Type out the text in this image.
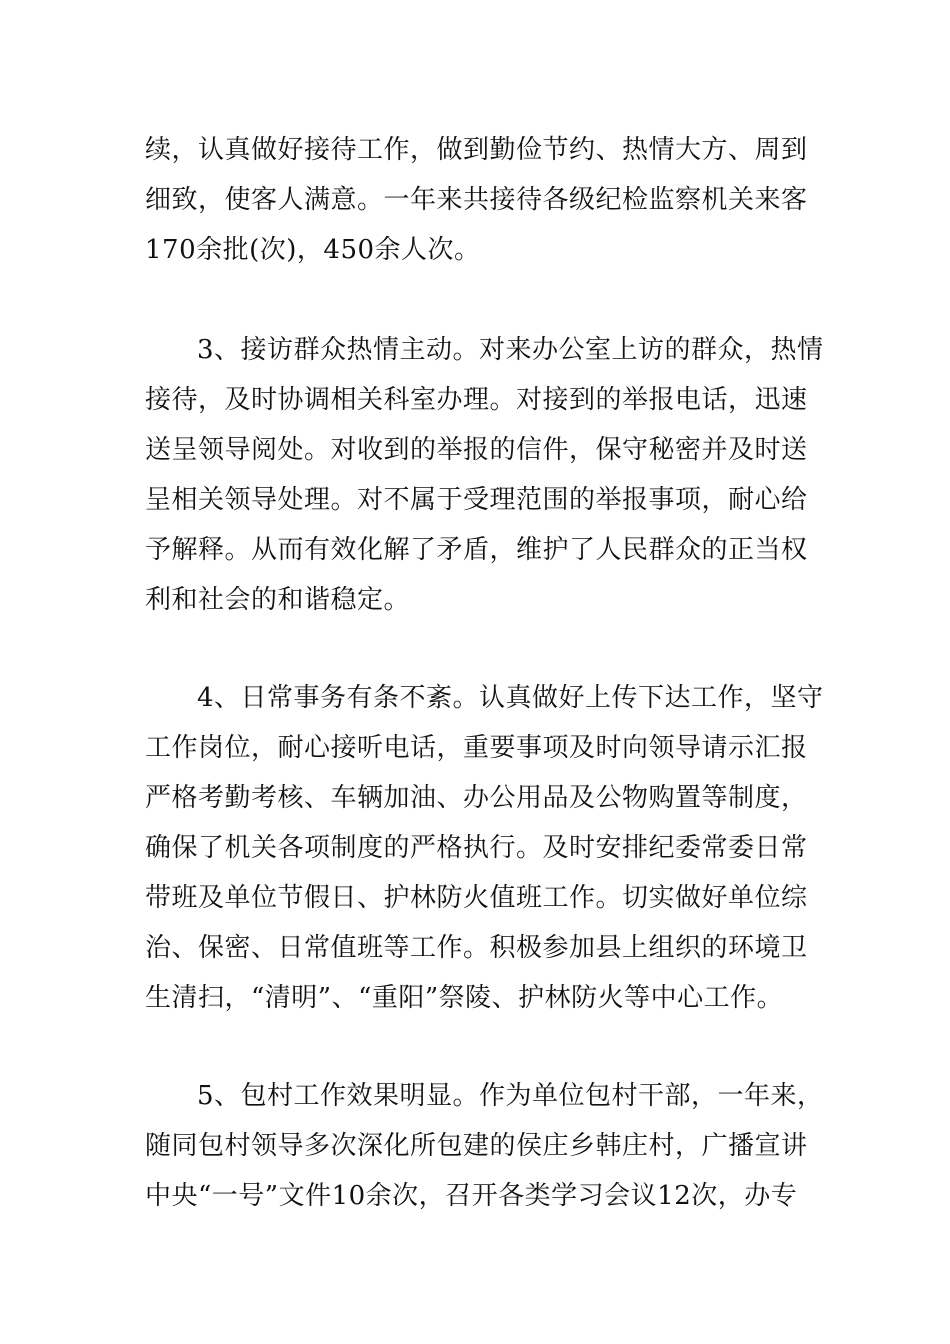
续，认真做好接待工作，做到勤俭节约、热情大方、周到
细致，使客人满意。一年来共接待各级纪检监察机关来客
170余批(次)，450余人次。
3、接访群众热情主动。对来办公室上访的群众，热情
接待，及时协调相关科室办理。对接到的举报电话，迅速
送呈领导阅处。对收到的举报的信件，保守秘密并及时送
呈相关领导处理。对不属于受理范围的举报事项，耐心给
予解释。从而有效化解了矛盾，维护了人民群众的正当权
利和社会的和谐稳定。
4、日常事务有条不紊。认真做好上传下达工作，坚守
工作岗位，耐心接听电话，重要事项及时向领导请示汇报
严格考勤考核、车辆加油、办公用品及公物购置等制度，
确保了机关各项制度的严格执行。及时安排纪委常委日常
带班及单位节假日、护林防火值班工作。切实做好单位综
治、保密、日常值班等工作。积极参加县上组织的环境卫
生清扫，“清明”、“重阳”祭陵、护林防火等中心工作。
5、包村工作效果明显。作为单位包村干部，一年来，
随同包村领导多次深化所包建的侯庄乡韩庄村，广播宣讲
中央“一号”文件10余次，召开各类学习会议12次，办专
